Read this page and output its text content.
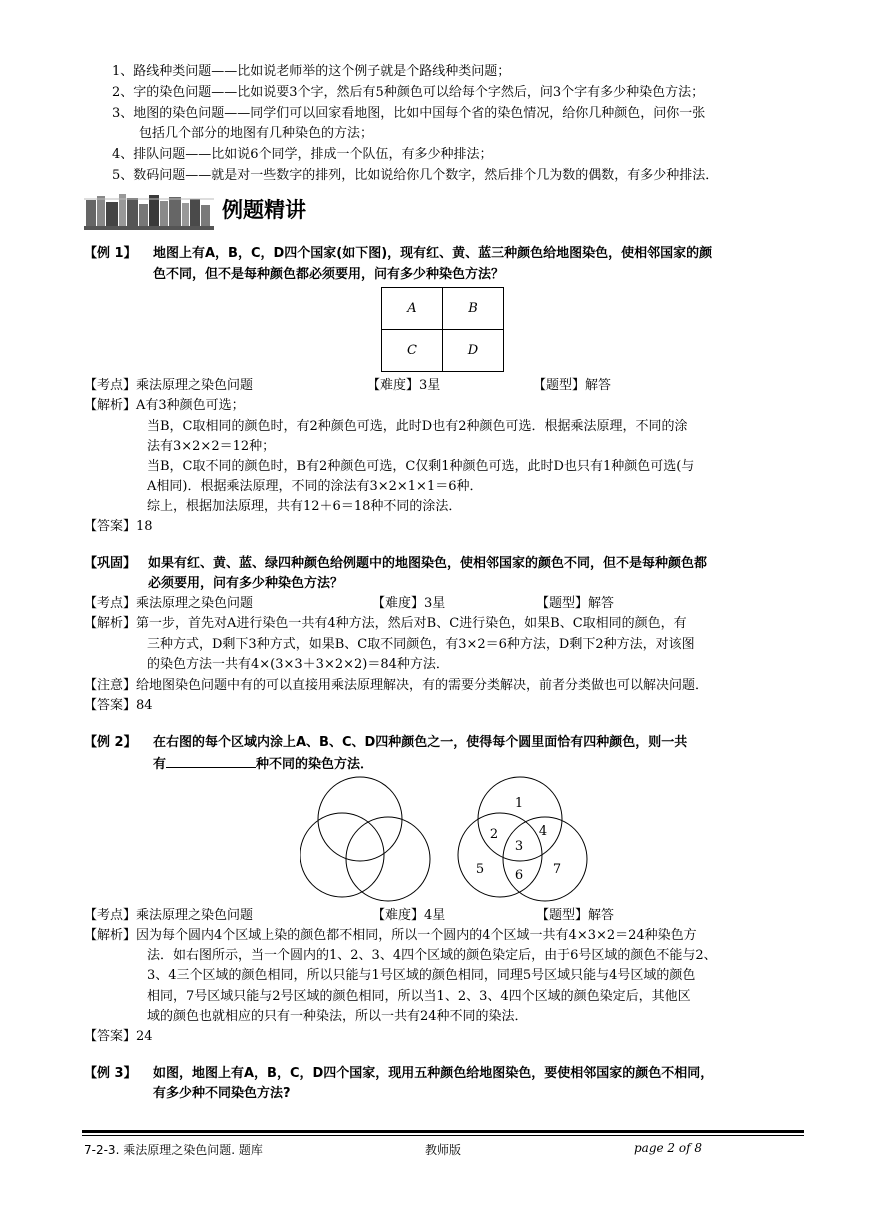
1、路线种类问题——比如说老师举的这个例子就是个路线种类问题；
2、字的染色问题——比如说要3个字，然后有5种颜色可以给每个字然后，问3个字有多少种染色方法；
3、地图的染色问题——同学们可以回家看地图，比如中国每个省的染色情况，给你几种颜色，问你一张
包括几个部分的地图有几种染色的方法；
4、排队问题——比如说6个同学，排成一个队伍，有多少种排法；
5、数码问题——就是对一些数字的排列，比如说给你几个数字，然后排个几为数的偶数，有多少种排法．
例题精讲
【例 1】 地图上有A，B，C，D四个国家(如下图)，现有红、黄、蓝三种颜色给地图染色，使相邻国家的颜
色不同，但不是每种颜色都必须要用，问有多少种染色方法？
A	B
C	D
【考点】乘法原理之染色问题	【难度】3星	【题型】解答
【解析】A有3种颜色可选；
当B，C取相同的颜色时，有2种颜色可选，此时D也有2种颜色可选．根据乘法原理，不同的涂
法有3×2×2＝12种；
当B，C取不同的颜色时，B有2种颜色可选，C仅剩1种颜色可选，此时D也只有1种颜色可选(与
A相同)．根据乘法原理，不同的涂法有3×2×1×1＝6种．
综上，根据加法原理，共有12＋6＝18种不同的涂法．
【答案】18
【巩固】 如果有红、黄、蓝、绿四种颜色给例题中的地图染色，使相邻国家的颜色不同，但不是每种颜色都
必须要用，问有多少种染色方法？
【考点】乘法原理之染色问题	【难度】3星	【题型】解答
【解析】第一步，首先对A进行染色一共有4种方法，然后对B、C进行染色，如果B、C取相同的颜色，有
三种方式，D剩下3种方式，如果B、C取不同颜色，有3×2＝6种方法，D剩下2种方法，对该图
的染色方法一共有4×(3×3＋3×2×2)＝84种方法．
【注意】给地图染色问题中有的可以直接用乘法原理解决，有的需要分类解决，前者分类做也可以解决问题．
【答案】84
【例 2】 在右图的每个区域内涂上A、B、C、D四种颜色之一，使得每个圆里面恰有四种颜色，则一共
有	种不同的染色方法．
1
2	4
3
5 6 7
【考点】乘法原理之染色问题	【难度】4星	【题型】解答
【解析】因为每个圆内4个区域上染的颜色都不相同，所以一个圆内的4个区域一共有4×3×2＝24种染色方
法．如右图所示，当一个圆内的1、2、3、4四个区域的颜色染定后，由于6号区域的颜色不能与2、
3、4三个区域的颜色相同，所以只能与1号区域的颜色相同，同理5号区域只能与4号区域的颜色
相同，7号区域只能与2号区域的颜色相同，所以当1、2、3、4四个区域的颜色染定后，其他区
域的颜色也就相应的只有一种染法，所以一共有24种不同的染法．
【答案】24
【例 3】 如图，地图上有A，B，C，D四个国家，现用五种颜色给地图染色，要使相邻国家的颜色不相同，
有多少种不同染色方法?
7-2-3. 乘法原理之染色问题. 题库	教师版	page 2 of 8
